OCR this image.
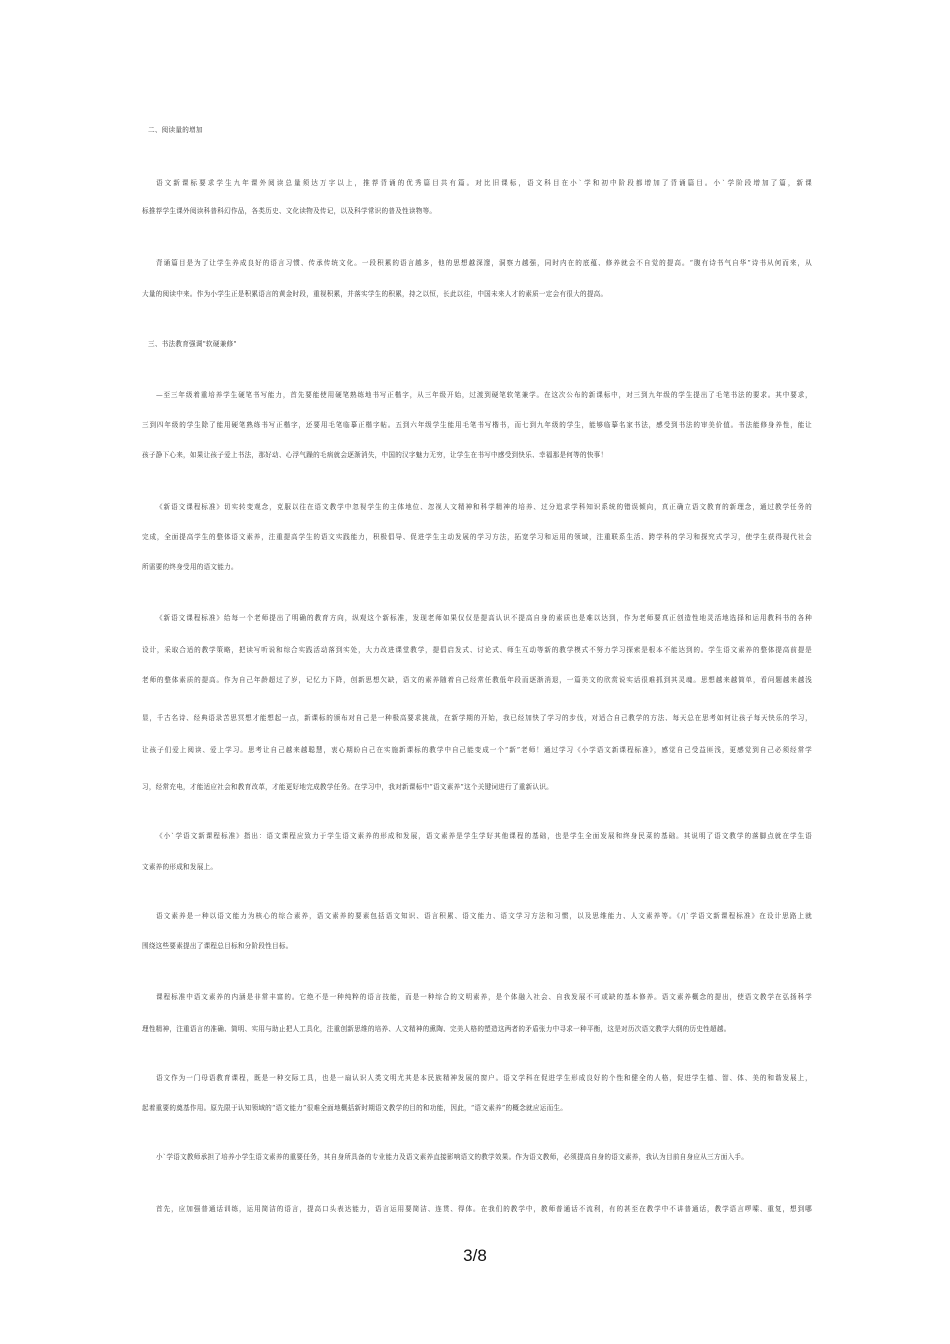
二、阅读量的增加
语文新课标要求学生九年课外阅读总量须达万字以上，推荐背诵的优秀篇目共有篇。对比旧课标，语文科目在小`学和初中阶段都增加了背诵篇目。小`学阶段增加了篇，新课
标推荐学生课外阅读科普科幻作品，各类历史、文化读物及传记，以及科学常识的普及性读物等。
背诵篇目是为了让学生养成良好的语言习惯、传承传统文化。一段积累的语言越多，他的思想越深邃，洞察力越强，同时内在的底蕴、修养就会不自觉的提高。“腹有诗书气自华”诗书从何而来，从
大量的阅读中来。作为小学生正是积累语言的黄金时段，重视积累，并落实学生的积累，持之以恒，长此以往，中国未来人才的素质一定会有很大的提高。
三、书法教育强调"软硬兼修"
—至三年级着重培养学生硬笔书写能力，首先要能使用硬笔熟练地书写正楷字，从三年级开始，过渡到硬笔软笔兼学。在这次公布的新课标中，对三到九年级的学生提出了毛笔书法的要求。其中要求，
三到四年级的学生除了能用硬笔熟练书写正楷字，还要用毛笔临摹正楷字帖。五到六年级学生能用毛笔书写楷书，而七到九年级的学生，能够临摹名家书法，感受到书法的审美价值。书法能修身养性，能让
孩子静下心来，如果让孩子爱上书法，那好动、心浮气躁的毛病就会逐渐消失，中国的汉字魅力无穷，让学生在书写中感受到快乐、幸福那是何等的快事！
《新语文课程标准》切实转变观念，克服以往在语文教学中忽视学生的主体地位、忽视人文精神和科学精神的培养、过分追求学科知识系统的错误倾向，真正确立语文教育的新理念，通过教学任务的
完成，全面提高学生的整体语文素养，注重提高学生的语文实践能力，积极倡导、促进学生主动发展的学习方法，拓宽学习和运用的领域，注重联系生活、跨学科的学习和探究式学习，使学生获得现代社会
所需要的终身受用的语文能力。
《新语文课程标准》给每一个老师提出了明确的教育方向，纵观这个新标准，发现老师如果仅仅是提高认识不提高自身的素质也是难以达到，作为老师要真正创造性地灵活地选择和运用教科书的各种
设计，采取合适的教学策略，把读写听说和综合实践活动落到实处，大力改进课堂教学，提倡启发式、讨论式、师生互动等新的教学模式不努力学习探索是根本不能达到的。学生语文素养的整体提高前提是
老师的整体素质的提高。作为自己年龄超过了岁，记忆力下降，创新思想欠缺，语文的素养随着自己经常任教低年段而逐渐消退，一篇美文的欣赏说实话很难抓到其灵魂。思想越来越简单，看问题越来越浅
显，千古名诗、经典语录苦思冥想才能想起一点，新课标的颁布对自己是一种极高要求挑战，在新学期的开始，我已经加快了学习的步伐，对适合自己教学的方法、每天总在思考如何让孩子每天快乐的学习，
让孩子们爱上阅读、爱上学习。思考让自己越来越聪慧，衷心期盼自己在实施新课标的教学中自己能变成一个“新”老师！通过学习《小学语文新课程标准》，感觉自己受益匪浅，更感觉到自己必须经常学
习，经常充电，才能适应社会和教育改革，才能更好地完成教学任务。在学习中，我对新课标中“语文素养”这个关键词进行了重新认识。
《小`学语文新课程标准》指出：语文课程应致力于学生语文素养的形成和发展，语文素养是学生学好其他课程的基础，也是学生全面发展和终身民菜的基础。其说明了语文教学的落脚点就在学生语
文素养的形成和发展上。
语文素养是一种以语文能力为核心的综合素养，语文素养的要素包括语文知识、语言积累、语文能力、语文学习方法和习惯，以及思维能力、人文素养等。《/|`学语文新课程标准》在设计思路上就
围绕这些要素提出了课程总目标和分阶段性目标。
课程标准中语文素养的内涵是非常丰富的。它绝不是一种纯粹的语言技能，而是一种综合的文明素养，是个体融入社会、自我发展不可或缺的基本修养。语文素养概念的提出，使语文教学在弘扬科学
理性精神，注重语言的准确、简明、实用与助止把人工具化，注重创新思维的培养、人文精神的熏陶、完美人格的塑造这两者的矛盾张力中寻求一种平衡，这是对历次语文教学大纲的历史性超越。
语文作为一门母语教育课程，既是一种交际工具，也是一扇认识人类文明尤其是本民族精神发展的窗户。语文学科在促进学生形成良好的个性和健全的人格，促进学生德、智、体、美的和谐发展上，
起着重要的奠基作用。原先限于认知领域的“语文能力”很难全面地概括新时期语文教学的目的和功能，因此，“语文素养”的概念就应运而生。
小`学语文教师承担了培养小学生语文素养的重要任务，其自身所具备的专业能力及语文素养直接影响语文的教学效果。作为语文教师，必须提高自身的语文素养，我认为目前自身应从三方面入手。
首先，应加强普通话训练，运用简洁的语言，提高口头表达能力，语言运用要简洁、连贯、得体。在我们的教学中，教师普通话不流利，有的甚至在教学中不讲普通话，教学语言啰嗦、重复，想到哪
3/8
